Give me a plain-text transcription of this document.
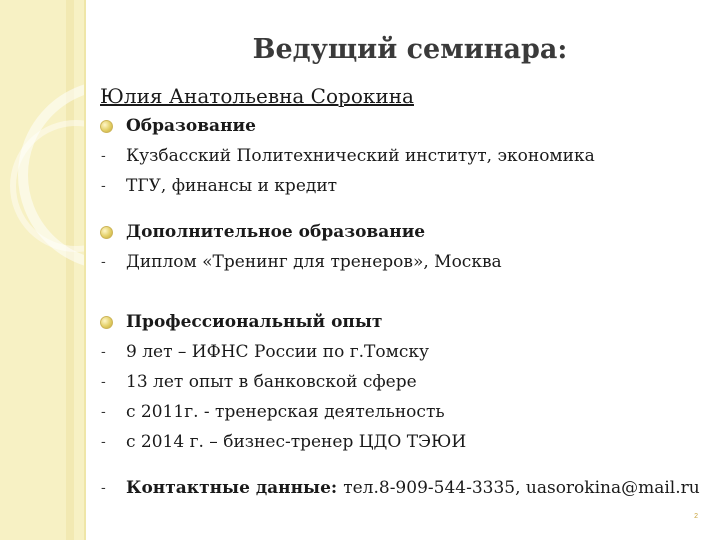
Ведущий семинара:
Юлия Анатольевна Сорокина
Образование
- Кузбасский Политехнический институт, экономика
- ТГУ, финансы и кредит
Дополнительное образование
- Диплом «Тренинг для тренеров», Москва
Профессиональный опыт
- 9 лет – ИФНС России по г.Томску
- 13 лет опыт в банковской сфере
- с 2011г. - тренерская деятельность
- с 2014 г. – бизнес-тренер ЦДО ТЭЮИ
- Контактные данные: тел.8-909-544-3335, uasorokina@mail.ru
2
